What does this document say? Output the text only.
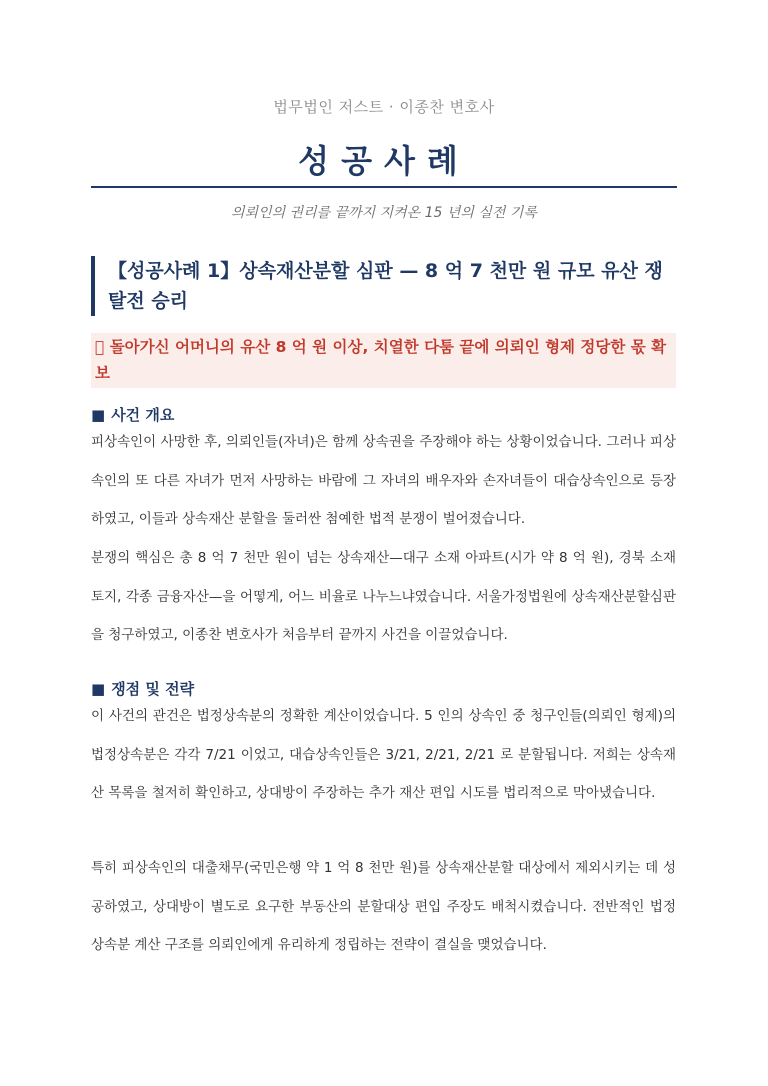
법무법인 저스트 · 이종찬 변호사
성공사례
의뢰인의 권리를 끝까지 지켜온 15 년의 실전 기록
【성공사례 1】상속재산분할 심판 — 8 억 7 천만 원 규모 유산 쟁탈전 승리
돌아가신 어머니의 유산 8 억 원 이상, 치열한 다툼 끝에 의뢰인 형제 정당한 몫 확보
■ 사건 개요
피상속인이 사망한 후, 의뢰인들(자녀)은 함께 상속권을 주장해야 하는 상황이었습니다. 그러나 피상속인의 또 다른 자녀가 먼저 사망하는 바람에 그 자녀의 배우자와 손자녀들이 대습상속인으로 등장하였고, 이들과 상속재산 분할을 둘러싼 첨예한 법적 분쟁이 벌어졌습니다.
분쟁의 핵심은 총 8 억 7 천만 원이 넘는 상속재산—대구 소재 아파트(시가 약 8 억 원), 경북 소재 토지, 각종 금융자산—을 어떻게, 어느 비율로 나누느냐였습니다. 서울가정법원에 상속재산분할심판을 청구하였고, 이종찬 변호사가 처음부터 끝까지 사건을 이끌었습니다.
■ 쟁점 및 전략
이 사건의 관건은 법정상속분의 정확한 계산이었습니다. 5 인의 상속인 중 청구인들(의뢰인 형제)의 법정상속분은 각각 7/21 이었고, 대습상속인들은 3/21, 2/21, 2/21 로 분할됩니다. 저희는 상속재산 목록을 철저히 확인하고, 상대방이 주장하는 추가 재산 편입 시도를 법리적으로 막아냈습니다.
특히 피상속인의 대출채무(국민은행 약 1 억 8 천만 원)를 상속재산분할 대상에서 제외시키는 데 성공하였고, 상대방이 별도로 요구한 부동산의 분할대상 편입 주장도 배척시켰습니다. 전반적인 법정상속분 계산 구조를 의뢰인에게 유리하게 정립하는 전략이 결실을 맺었습니다.
